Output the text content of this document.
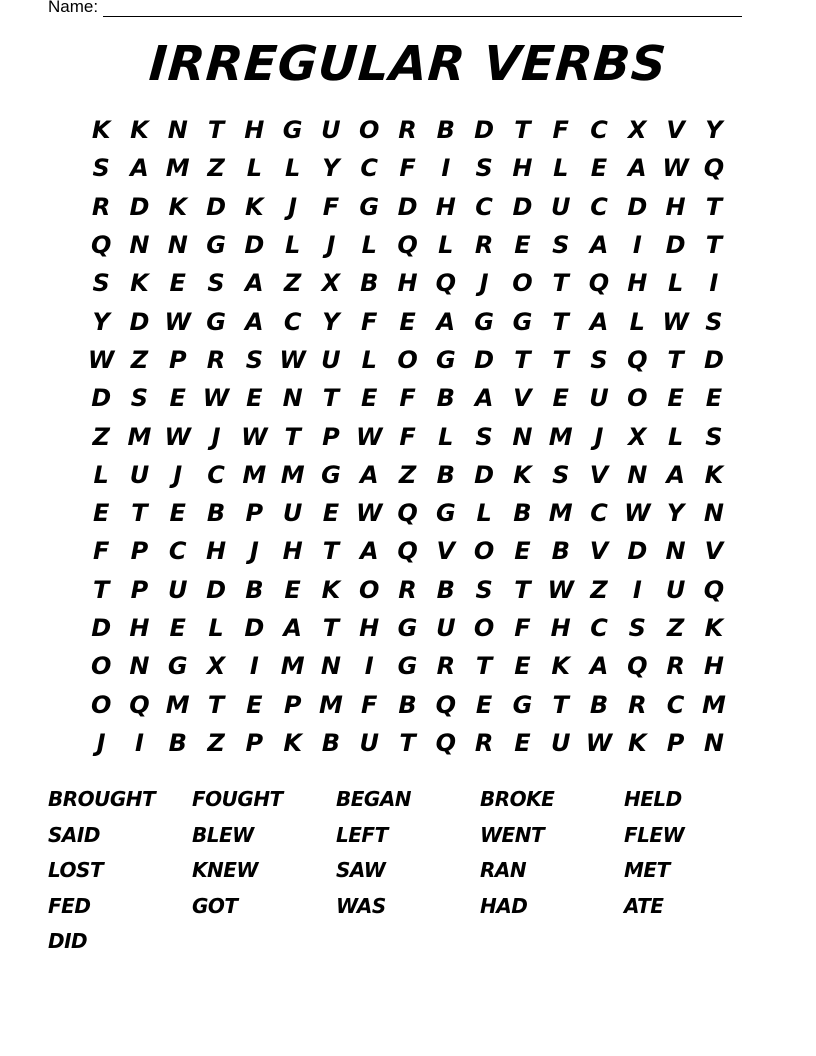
Name:
IRREGULAR VERBS
K K N T H G U O R B D T F C X V Y
S A M Z L L Y C F	I	S H L E A W Q
R D K D K	J	F G D H C D U C D H T
Q N N G D L	J	L Q L R E S A	I D T
S K E S A Z X B H Q J O T Q H L	I
Y D W G A C Y F E A G G T A L W S
W Z P R S W U L O G D T T S Q T D
D S E W E N T E F B A V E U O E E
Z M W J W T P W F L S N M J	X L S
L U	J	C M M G A Z B D K S V N A K
E T E B P U E W Q G L B M C W Y N
F P C H J H T A Q V O E B V D N V
T P U D B E K O R B S T W Z	I	U Q
D H E L D A T H G U O F H C S Z K
O N G X	I M N I G R T E K A Q R H
O Q M T E P M F B Q E G T B R C M
J	I	B Z P K B U T Q R E U W K P N
BROUGHT	FOUGHT	BEGAN	BROKE	HELD
SAID	BLEW	LEFT	WENT	FLEW
LOST	KNEW	SAW	RAN	MET
FED	GOT	WAS	HAD	ATE
DID
